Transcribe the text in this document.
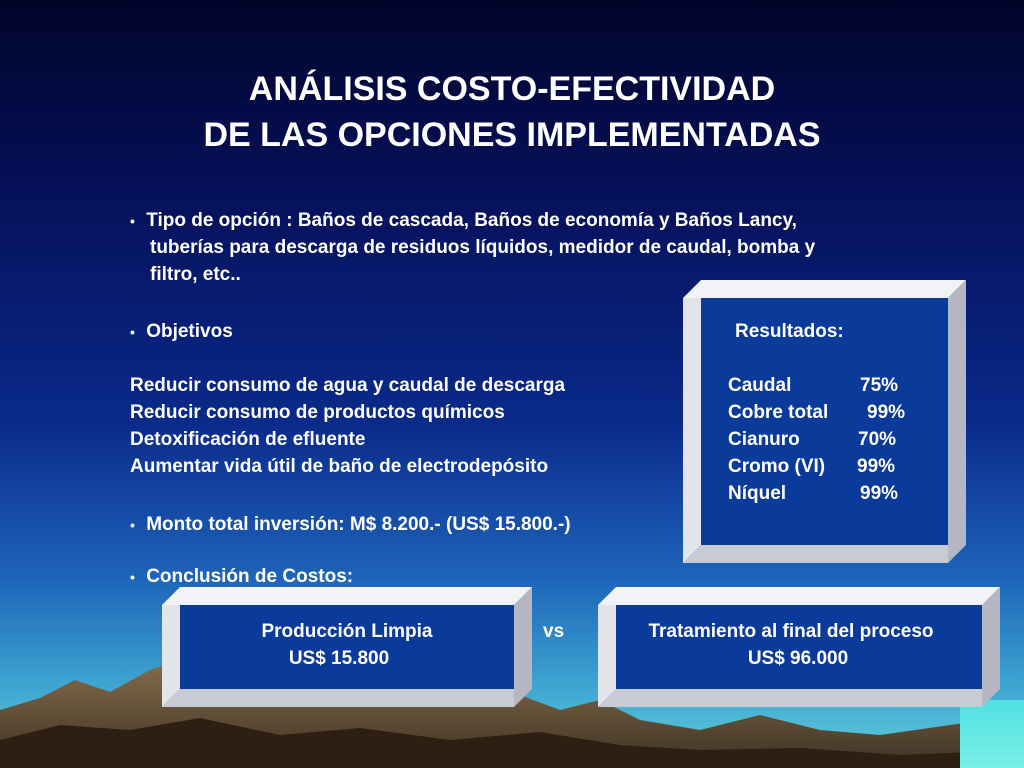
ANÁLISIS COSTO-EFECTIVIDAD
DE LAS OPCIONES IMPLEMENTADAS
• Tipo de opción : Baños de cascada, Baños de economía y Baños Lancy,
tuberías para descarga de residuos líquidos, medidor de caudal, bomba y
filtro, etc..
• Objetivos	Resultados:
Reducir consumo de agua y caudal de descarga
Reducir consumo de productos químicos
Detoxificación de efluente
Aumentar vida útil de baño de electrodepósito
Caudal	75%
Cobre total 99%
Cianuro	70%
Cromo (VI) 99%
Níquel	99%
• Monto total inversión: M$ 8.200.- (US$ 15.800.-)
• Conclusión de Costos:
Producción Limpia
US$ 15.800
vs	Tratamiento al final del proceso
US$ 96.000
